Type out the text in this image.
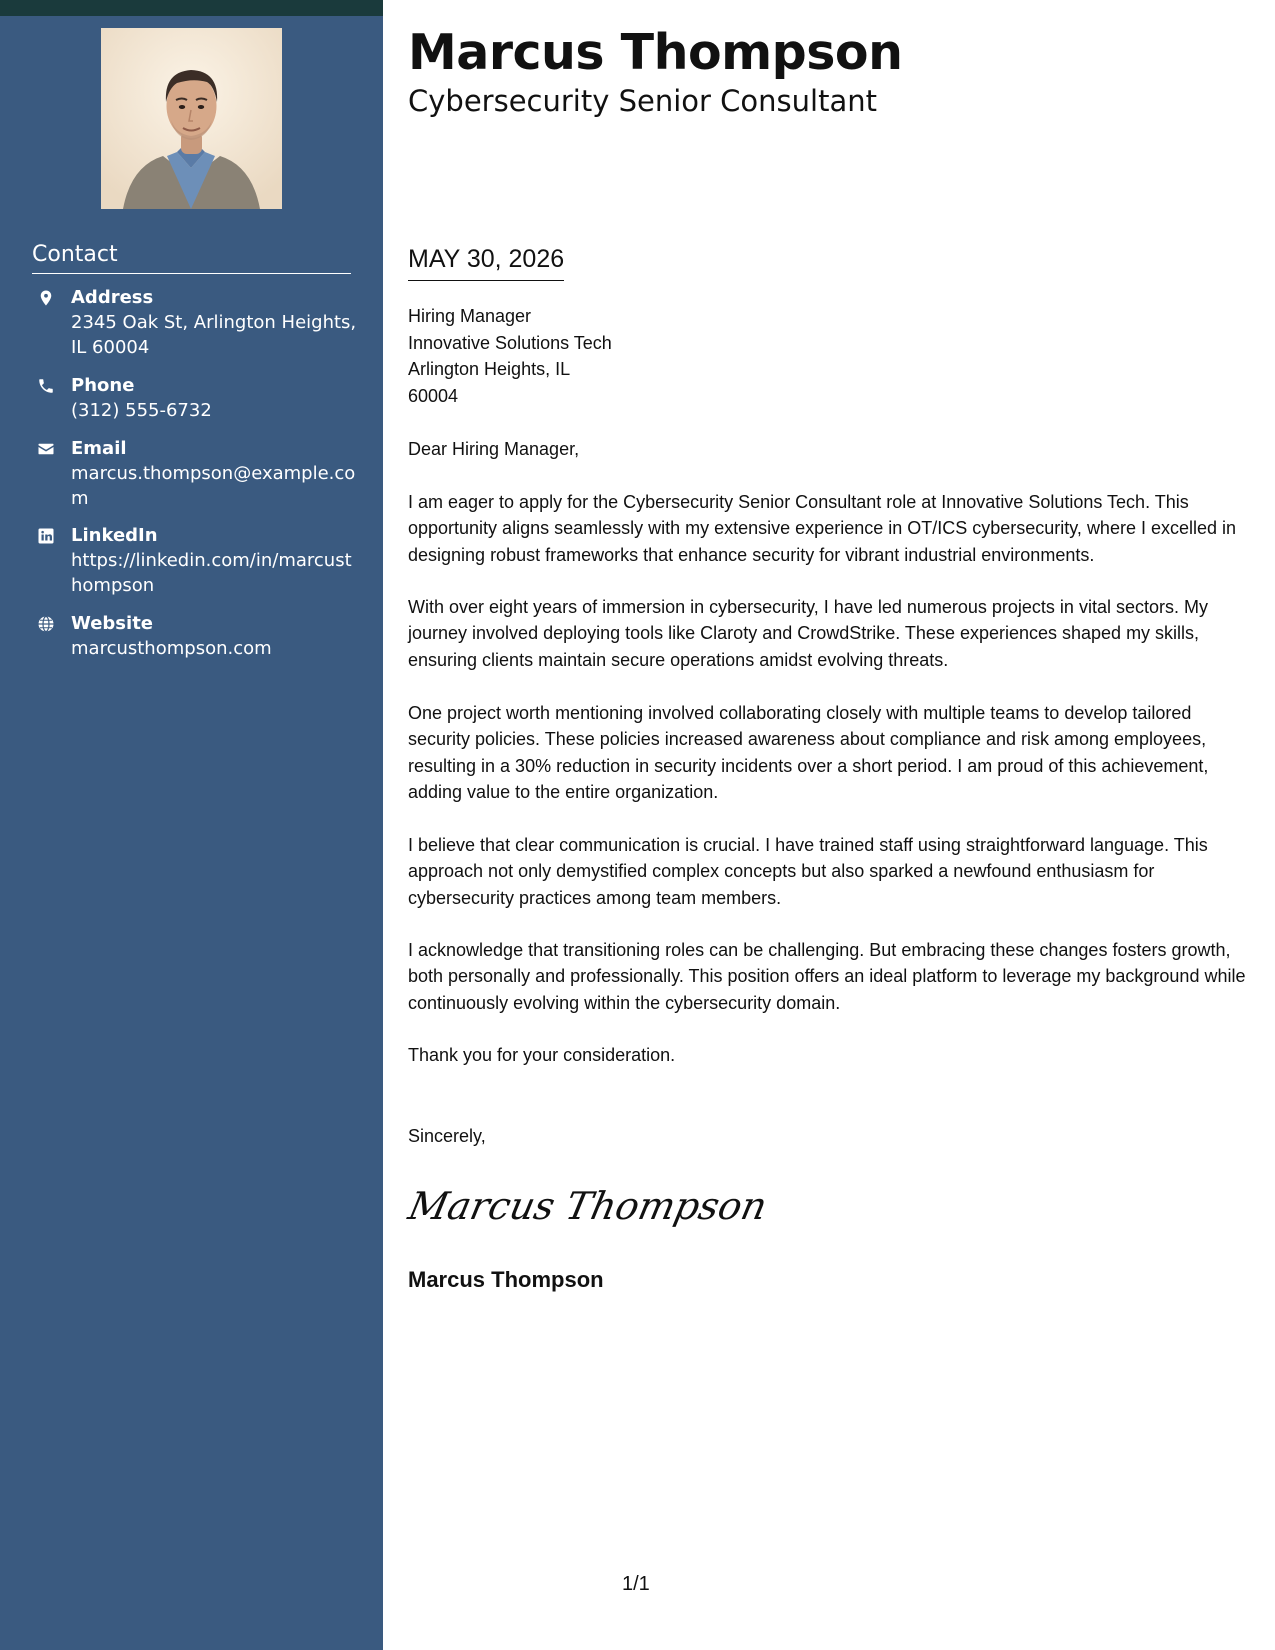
Contact
Address
2345 Oak St, Arlington Heights, IL 60004
Phone
(312) 555-6732
Email
marcus.thompson@example.com
LinkedIn
https://linkedin.com/in/marcusthompson
Website
marcusthompson.com
Marcus Thompson
Cybersecurity Senior Consultant
MAY 30, 2026
Hiring Manager
Innovative Solutions Tech
Arlington Heights, IL
60004
Dear Hiring Manager,
I am eager to apply for the Cybersecurity Senior Consultant role at Innovative Solutions Tech. This opportunity aligns seamlessly with my extensive experience in OT/ICS cybersecurity, where I excelled in designing robust frameworks that enhance security for vibrant industrial environments.
With over eight years of immersion in cybersecurity, I have led numerous projects in vital sectors. My journey involved deploying tools like Claroty and CrowdStrike. These experiences shaped my skills, ensuring clients maintain secure operations amidst evolving threats.
One project worth mentioning involved collaborating closely with multiple teams to develop tailored security policies. These policies increased awareness about compliance and risk among employees, resulting in a 30% reduction in security incidents over a short period. I am proud of this achievement, adding value to the entire organization.
I believe that clear communication is crucial. I have trained staff using straightforward language. This approach not only demystified complex concepts but also sparked a newfound enthusiasm for cybersecurity practices among team members.
I acknowledge that transitioning roles can be challenging. But embracing these changes fosters growth, both personally and professionally. This position offers an ideal platform to leverage my background while continuously evolving within the cybersecurity domain.
Thank you for your consideration.
Sincerely,
Marcus Thompson
Marcus Thompson
1/1
